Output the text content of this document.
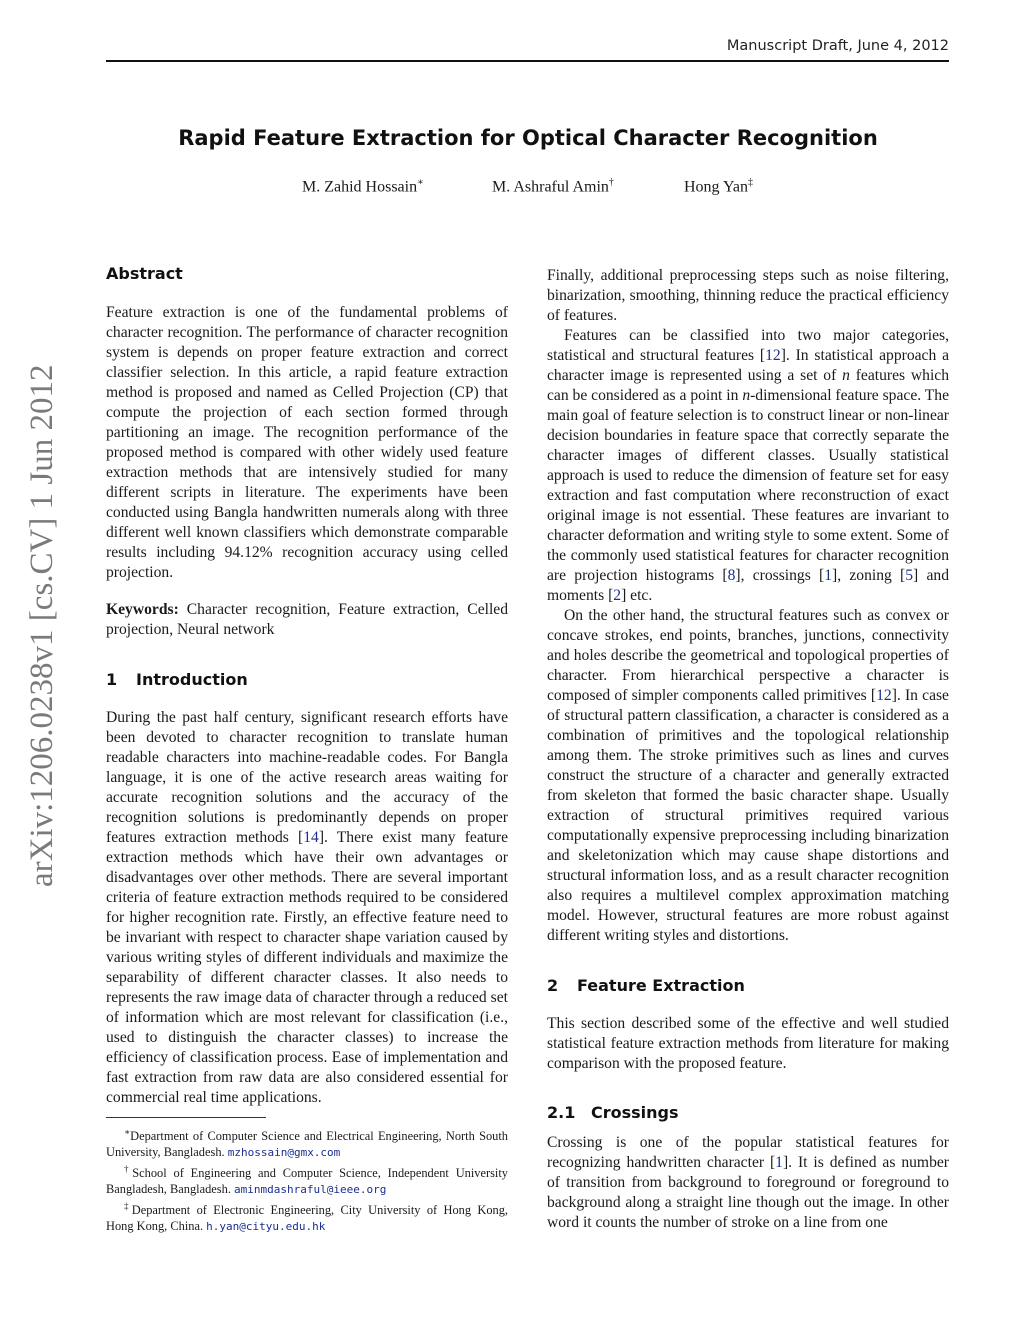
Manuscript Draft, June 4, 2012
Rapid Feature Extraction for Optical Character Recognition
M. Zahid Hossain∗	M. Ashraful Amin†	Hong Yan‡
arXiv:1206.0238v1 [cs.CV] 1 Jun 2012
Abstract

Feature extraction is one of the fundamental problems of character recognition. The performance of character recognition system is depends on proper feature extraction and correct classifier selection. In this article, a rapid feature extraction method is proposed and named as Celled Projection (CP) that compute the projection of each section formed through partitioning an image. The recognition performance of the proposed method is compared with other widely used feature extraction methods that are intensively studied for many different scripts in literature. The experiments have been conducted using Bangla handwritten numerals along with three different well known classifiers which demonstrate comparable results including 94.12% recognition accuracy using celled projection.

Keywords: Character recognition, Feature extraction, Celled projection, Neural network

1 Introduction

During the past half century, significant research efforts have been devoted to character recognition to translate human readable characters into machine-readable codes. For Bangla language, it is one of the active research areas waiting for accurate recognition solutions and the accuracy of the recognition solutions is predominantly depends on proper features extraction methods [14]. There exist many feature extraction methods which have their own advantages or disadvantages over other methods. There are several important criteria of feature extraction methods required to be considered for higher recognition rate. Firstly, an effective feature need to be invariant with respect to character shape variation caused by various writing styles of different individuals and maximize the separability of different character classes. It also needs to represents the raw image data of character through a reduced set of information which are most relevant for classification (i.e., used to distinguish the character classes) to increase the efficiency of classification process. Ease of implementation and fast extraction from raw data are also considered essential for commercial real time applications.

∗Department of Computer Science and Electrical Engineering, North South University, Bangladesh. mzhossain@gmx.com
†School of Engineering and Computer Science, Independent University Bangladesh, Bangladesh. aminmdashraful@ieee.org
‡Department of Electronic Engineering, City University of Hong Kong, Hong Kong, China. h.yan@cityu.edu.hk

Finally, additional preprocessing steps such as noise filtering, binarization, smoothing, thinning reduce the practical efficiency of features.

Features can be classified into two major categories, statistical and structural features [12]. In statistical approach a character image is represented using a set of n features which can be considered as a point in n-dimensional feature space. The main goal of feature selection is to construct linear or non-linear decision boundaries in feature space that correctly separate the character images of different classes. Usually statistical approach is used to reduce the dimension of feature set for easy extraction and fast computation where reconstruction of exact original image is not essential. These features are invariant to character deformation and writing style to some extent. Some of the commonly used statistical features for character recognition are projection histograms [8], crossings [1], zoning [5] and moments [2] etc.

On the other hand, the structural features such as convex or concave strokes, end points, branches, junctions, connectivity and holes describe the geometrical and topological properties of character. From hierarchical perspective a character is composed of simpler components called primitives [12]. In case of structural pattern classification, a character is considered as a combination of primitives and the topological relationship among them. The stroke primitives such as lines and curves construct the structure of a character and generally extracted from skeleton that formed the basic character shape. Usually extraction of structural primitives required various computationally expensive preprocessing including binarization and skeletonization which may cause shape distortions and structural information loss, and as a result character recognition also requires a multilevel complex approximation matching model. However, structural features are more robust against different writing styles and distortions.

2 Feature Extraction

This section described some of the effective and well studied statistical feature extraction methods from literature for making comparison with the proposed feature.

2.1 Crossings

Crossing is one of the popular statistical features for recognizing handwritten character [1]. It is defined as number of transition from background to foreground or foreground to background along a straight line though out the image. In other word it counts the number of stroke on a line from one
